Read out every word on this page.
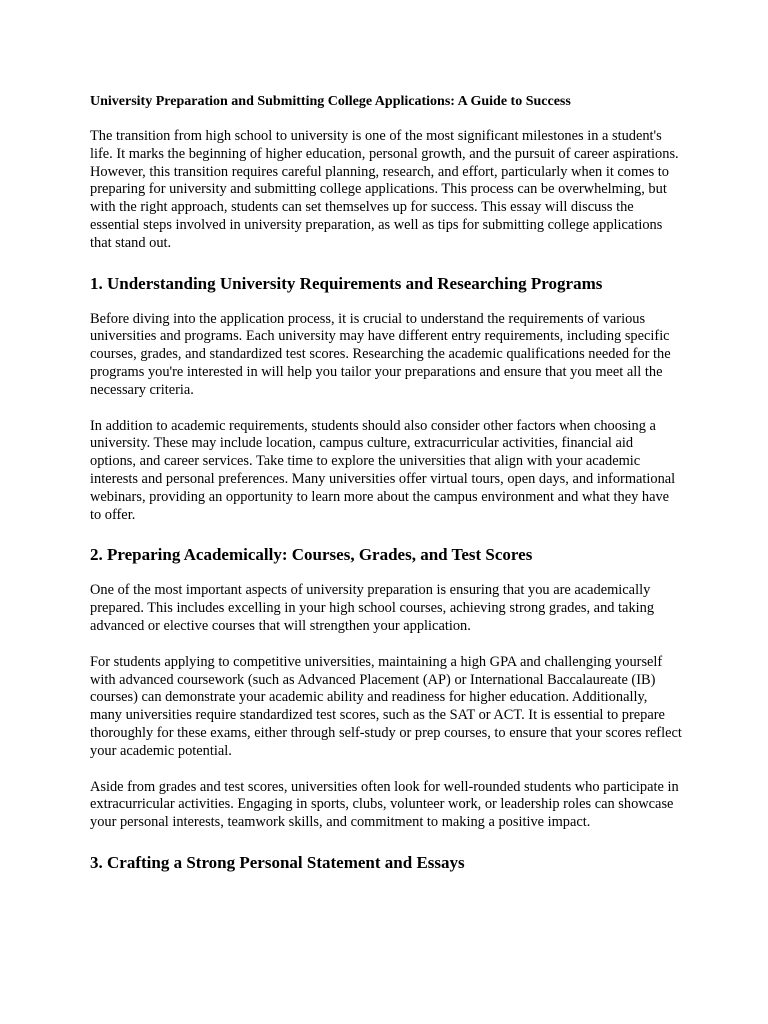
University Preparation and Submitting College Applications: A Guide to Success

The transition from high school to university is one of the most significant milestones in a student's life. It marks the beginning of higher education, personal growth, and the pursuit of career aspirations. However, this transition requires careful planning, research, and effort, particularly when it comes to preparing for university and submitting college applications. This process can be overwhelming, but with the right approach, students can set themselves up for success. This essay will discuss the essential steps involved in university preparation, as well as tips for submitting college applications that stand out.

1. Understanding University Requirements and Researching Programs

Before diving into the application process, it is crucial to understand the requirements of various universities and programs. Each university may have different entry requirements, including specific courses, grades, and standardized test scores. Researching the academic qualifications needed for the programs you're interested in will help you tailor your preparations and ensure that you meet all the necessary criteria.

In addition to academic requirements, students should also consider other factors when choosing a university. These may include location, campus culture, extracurricular activities, financial aid options, and career services. Take time to explore the universities that align with your academic interests and personal preferences. Many universities offer virtual tours, open days, and informational webinars, providing an opportunity to learn more about the campus environment and what they have to offer.

2. Preparing Academically: Courses, Grades, and Test Scores

One of the most important aspects of university preparation is ensuring that you are academically prepared. This includes excelling in your high school courses, achieving strong grades, and taking advanced or elective courses that will strengthen your application.

For students applying to competitive universities, maintaining a high GPA and challenging yourself with advanced coursework (such as Advanced Placement (AP) or International Baccalaureate (IB) courses) can demonstrate your academic ability and readiness for higher education. Additionally, many universities require standardized test scores, such as the SAT or ACT. It is essential to prepare thoroughly for these exams, either through self-study or prep courses, to ensure that your scores reflect your academic potential.

Aside from grades and test scores, universities often look for well-rounded students who participate in extracurricular activities. Engaging in sports, clubs, volunteer work, or leadership roles can showcase your personal interests, teamwork skills, and commitment to making a positive impact.

3. Crafting a Strong Personal Statement and Essays
